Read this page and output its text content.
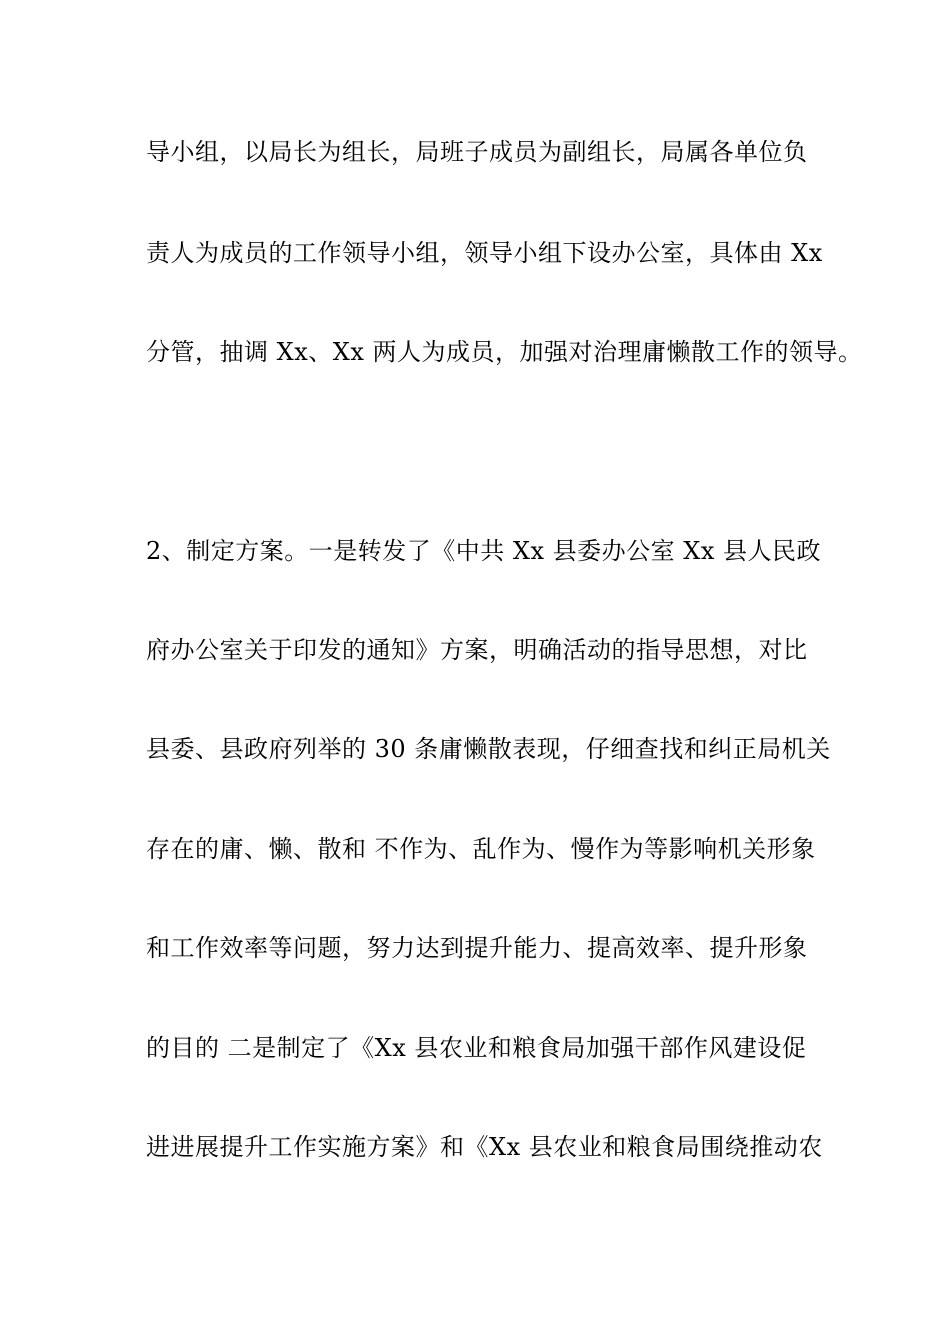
导小组，以局长为组长，局班子成员为副组长，局属各单位负
责人为成员的工作领导小组，领导小组下设办公室，具体由 Xx
分管，抽调 Xx、Xx 两人为成员，加强对治理庸懒散工作的领导。
2、制定方案。一是转发了《中共 Xx 县委办公室 Xx 县人民政
府办公室关于印发的通知》方案，明确活动的指导思想，对比
县委、县政府列举的 30 条庸懒散表现，仔细查找和纠正局机关
存在的庸、懒、散和 不作为、乱作为、慢作为等影响机关形象
和工作效率等问题，努力达到提升能力、提高效率、提升形象
的目的 二是制定了《Xx 县农业和粮食局加强干部作风建设促
进进展提升工作实施方案》和《Xx 县农业和粮食局围绕推动农
